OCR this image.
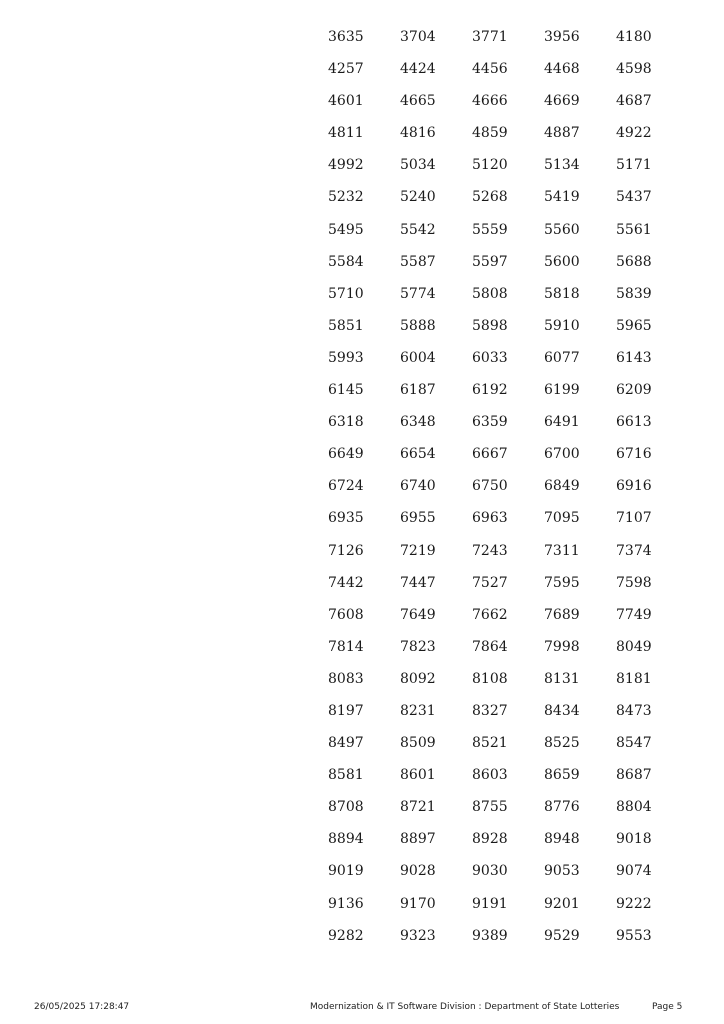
3635	3704	3771	3956	4180
4257	4424	4456	4468	4598
4601	4665	4666	4669	4687
4811	4816	4859	4887	4922
4992	5034	5120	5134	5171
5232	5240	5268	5419	5437
5495	5542	5559	5560	5561
5584	5587	5597	5600	5688
5710	5774	5808	5818	5839
5851	5888	5898	5910	5965
5993	6004	6033	6077	6143
6145	6187	6192	6199	6209
6318	6348	6359	6491	6613
6649	6654	6667	6700	6716
6724	6740	6750	6849	6916
6935	6955	6963	7095	7107
7126	7219	7243	7311	7374
7442	7447	7527	7595	7598
7608	7649	7662	7689	7749
7814	7823	7864	7998	8049
8083	8092	8108	8131	8181
8197	8231	8327	8434	8473
8497	8509	8521	8525	8547
8581	8601	8603	8659	8687
8708	8721	8755	8776	8804
8894	8897	8928	8948	9018
9019	9028	9030	9053	9074
9136	9170	9191	9201	9222
9282	9323	9389	9529	9553
26/05/2025 17:28:47	Modernization & IT Software Division : Department of State Lotteries	Page 5
